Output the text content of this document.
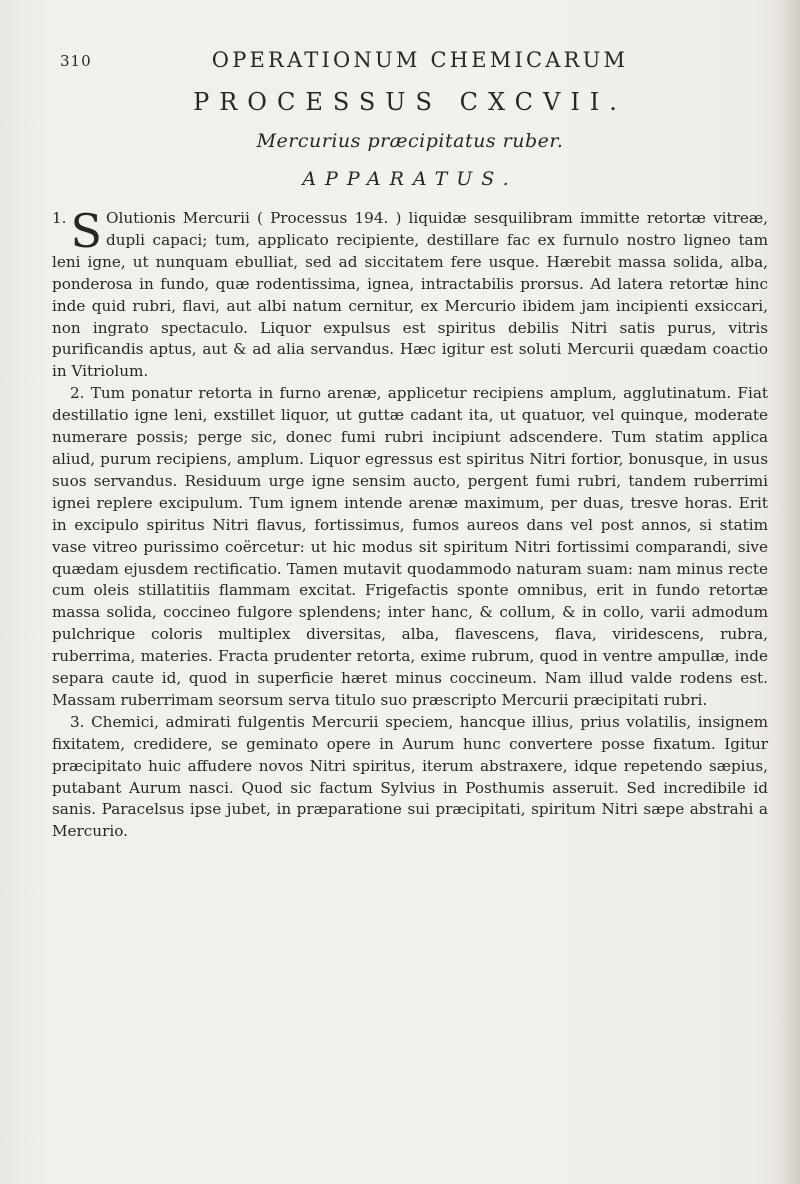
310	OPERATIONUM CHEMICARUM
PROCESSUS CXCVII.
Mercurius præcipitatus ruber.
APPARATUS.

1. S Olutionis Mercurii ( Processus 194. ) liquidæ sesquilibram immitte retortæ vitreæ, dupli capaci; tum, applicato recipiente, destillare fac ex furnulo nostro ligneo tam leni igne, ut nunquam ebulliat, sed ad siccitatem fere usque. Hærebit massa solida, alba, ponderosa in fundo, quæ rodentissima, ignea, intractabilis prorsus. Ad latera retortæ hinc inde quid rubri, flavi, aut albi natum cernitur, ex Mercurio ibidem jam incipienti exsiccari, non ingrato spectaculo. Liquor expulsus est spiritus debilis Nitri satis purus, vitris purificandis aptus, aut & ad alia servandus. Hæc igitur est soluti Mercurii quædam coactio in Vitriolum.

2. Tum ponatur retorta in furno arenæ, applicetur recipiens amplum, agglutinatum. Fiat destillatio igne leni, exstillet liquor, ut guttæ cadant ita, ut quatuor, vel quinque, moderate numerare possis; perge sic, donec fumi rubri incipiunt adscendere. Tum statim applica aliud, purum recipiens, amplum. Liquor egressus est spiritus Nitri fortior, bonusque, in usus suos servandus. Residuum urge igne sensim aucto, pergent fumi rubri, tandem ruberrimi ignei replere excipulum. Tum ignem intende arenæ maximum, per duas, tresve horas. Erit in excipulo spiritus Nitri flavus, fortissimus, fumos aureos dans vel post annos, si statim vase vitreo purissimo coërcetur: ut hic modus sit spiritum Nitri fortissimi comparandi, sive quædam ejusdem rectificatio. Tamen mutavit quodammodo naturam suam: nam minus recte cum oleis stillatitiis flammam excitat. Frigefactis sponte omnibus, erit in fundo retortæ massa solida, coccineo fulgore splendens; inter hanc, & collum, & in collo, varii admodum pulchrique coloris multiplex diversitas, alba, flavescens, flava, viridescens, rubra, ruberrima, materies. Fracta prudenter retorta, exime rubrum, quod in ventre ampullæ, inde separa caute id, quod in superficie hæret minus coccineum. Nam illud valde rodens est. Massam ruberrimam seorsum serva titulo suo præscripto Mercurii præcipitati rubri.

3. Chemici, admirati fulgentis Mercurii speciem, hancque illius, prius volatilis, insignem fixitatem, credidere, se geminato opere in Aurum hunc convertere posse fixatum. Igitur præcipitato huic affudere novos Nitri spiritus, iterum abstraxere, idque repetendo sæpius, putabant Aurum nasci. Quod sic factum Sylvius in Posthumis asseruit. Sed incredibile id sanis. Paracelsus ipse jubet, in præparatione sui præcipitati, spiritum Nitri sæpe abstrahi a Mercurio.
